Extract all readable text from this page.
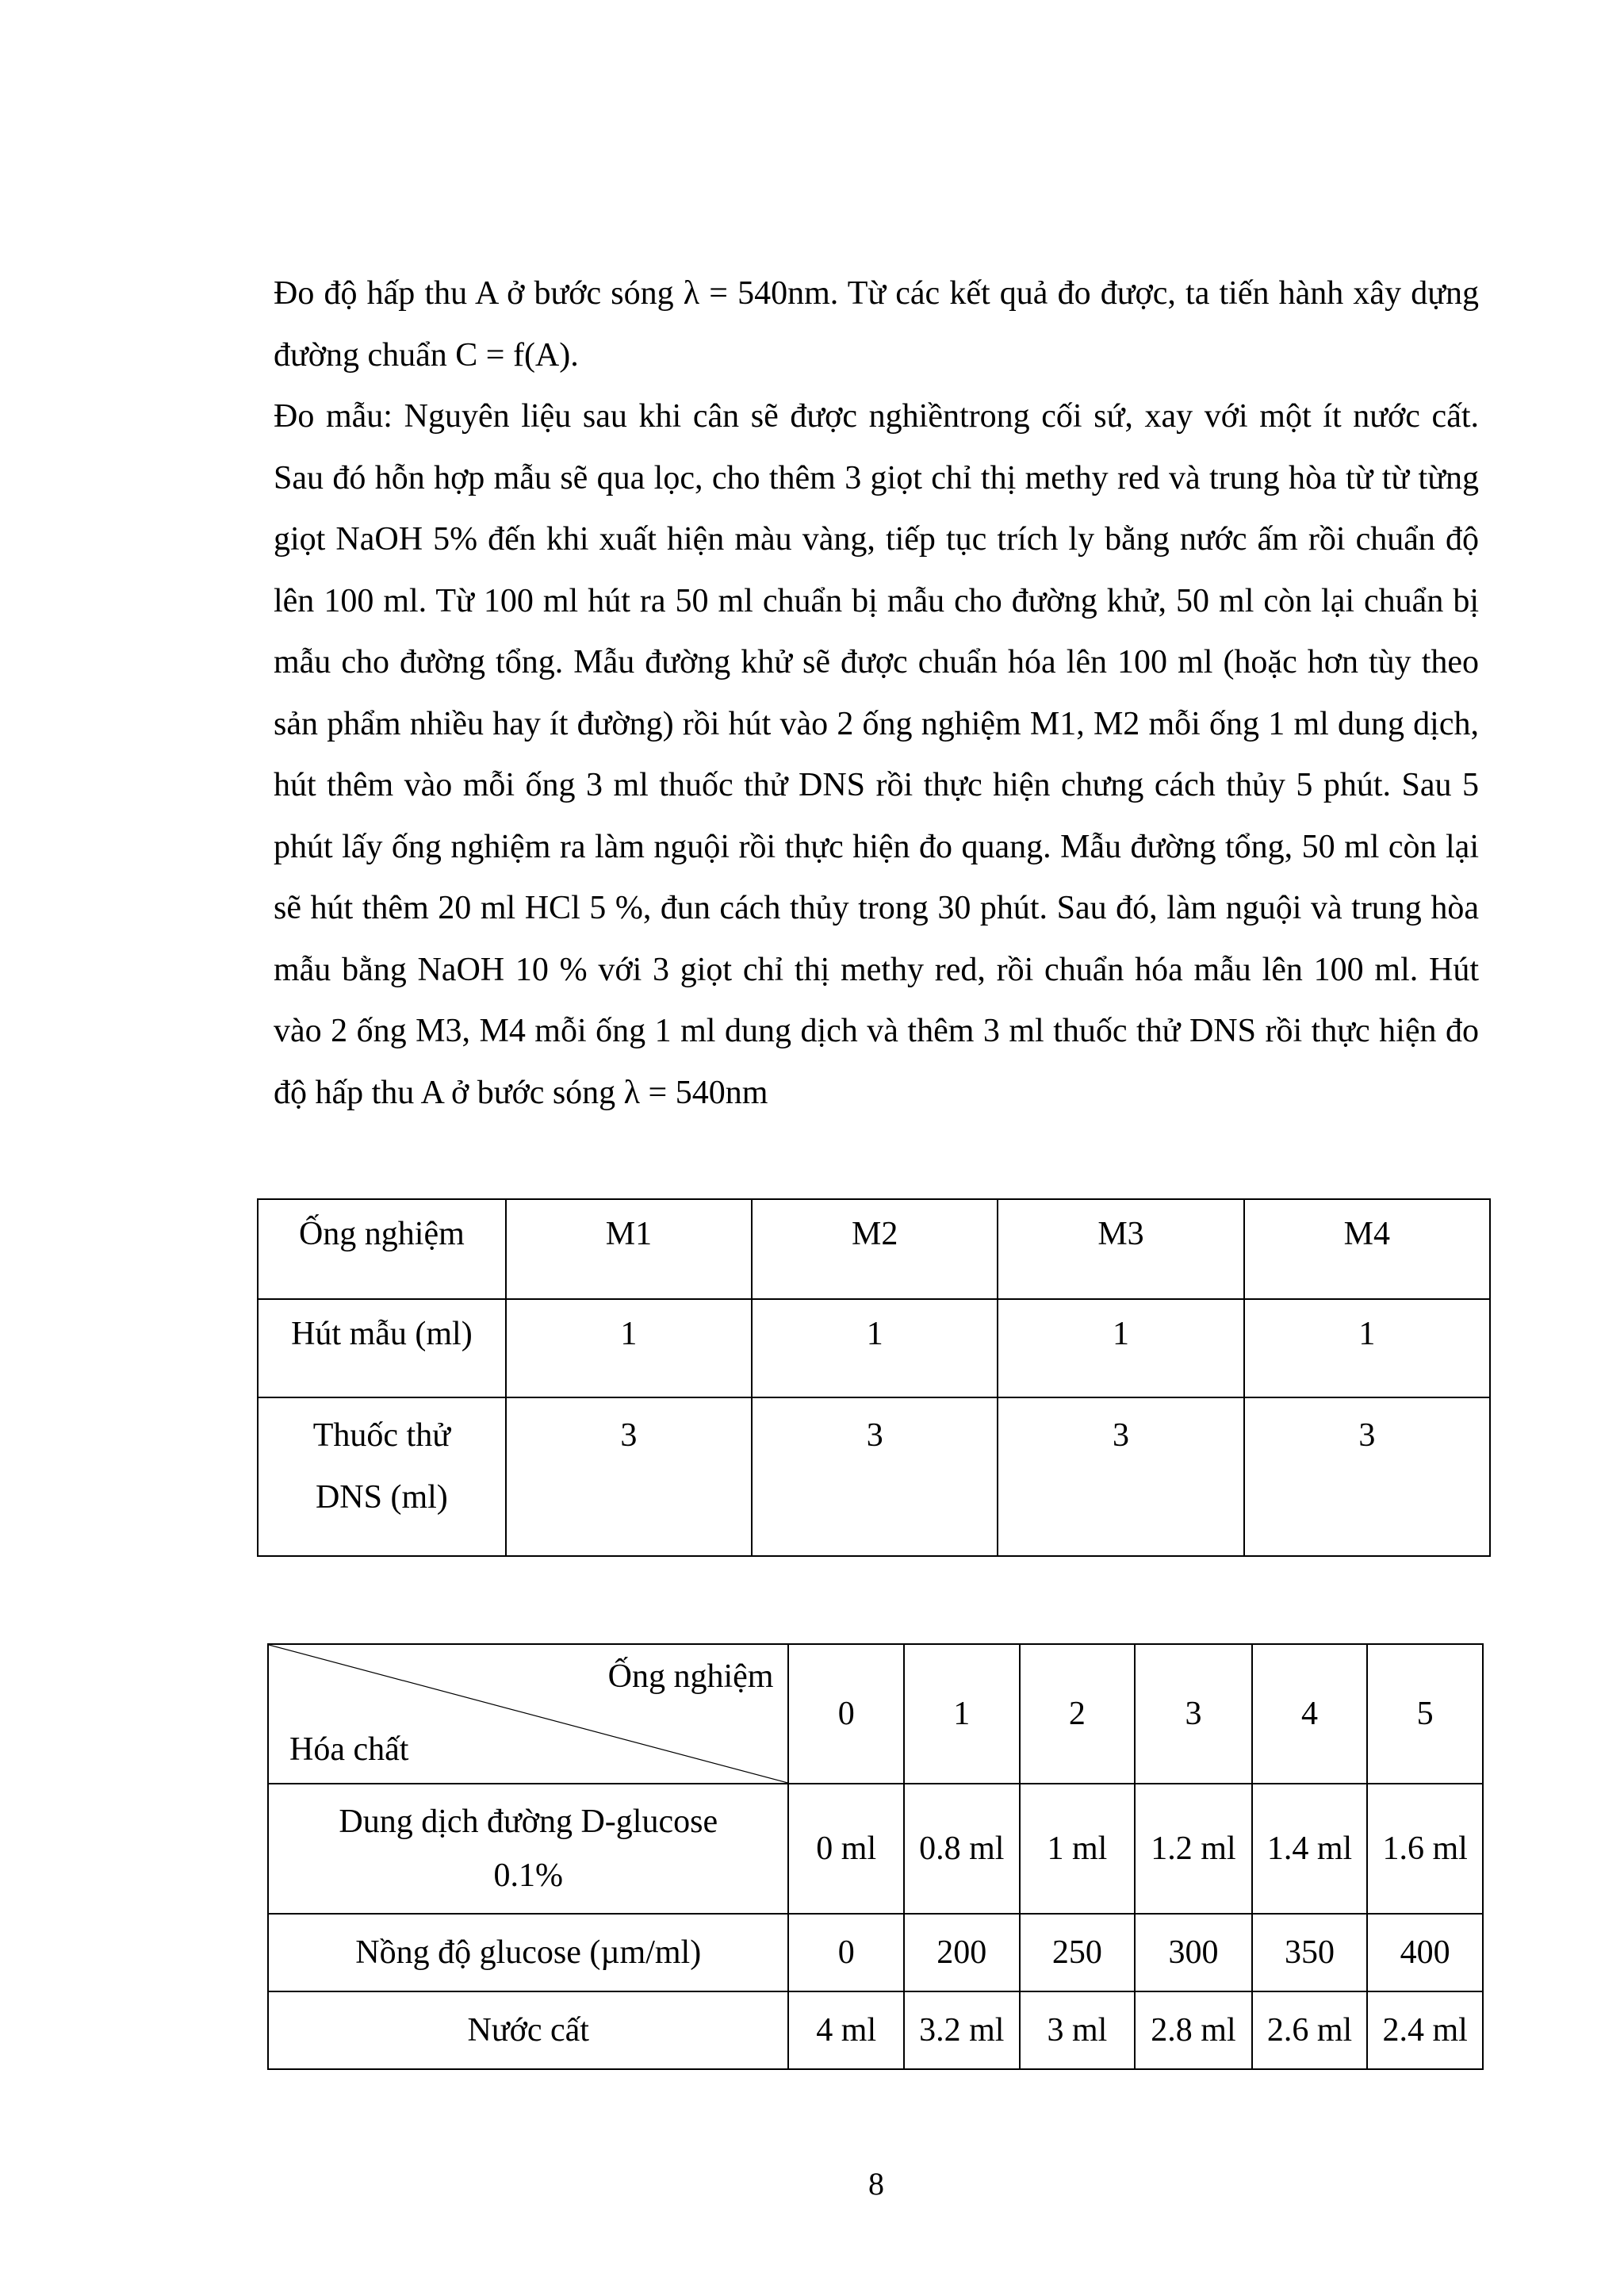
Đo độ hấp thu A ở bước sóng λ = 540nm. Từ các kết quả đo được, ta tiến hành xây dựng đường chuẩn C = f(A).

Đo mẫu: Nguyên liệu sau khi cân sẽ được nghiềntrong cối sứ, xay với một ít nước cất. Sau đó hỗn hợp mẫu sẽ qua lọc, cho thêm 3 giọt chỉ thị methy red và trung hòa từ từ từng giọt NaOH 5% đến khi xuất hiện màu vàng, tiếp tục trích ly bằng nước ấm rồi chuẩn độ lên 100 ml. Từ 100 ml hút ra 50 ml chuẩn bị mẫu cho đường khử, 50 ml còn lại chuẩn bị mẫu cho đường tổng. Mẫu đường khử sẽ được chuẩn hóa lên 100 ml (hoặc hơn tùy theo sản phẩm nhiều hay ít đường) rồi hút vào 2 ống nghiệm M1, M2 mỗi ống 1 ml dung dịch, hút thêm vào mỗi ống 3 ml thuốc thử DNS rồi thực hiện chưng cách thủy 5 phút. Sau 5 phút lấy ống nghiệm ra làm nguội rồi thực hiện đo quang. Mẫu đường tổng, 50 ml còn lại sẽ hút thêm 20 ml HCl 5 %, đun cách thủy trong 30 phút. Sau đó, làm nguội và trung hòa mẫu bằng NaOH 10 % với 3 giọt chỉ thị methy red, rồi chuẩn hóa mẫu lên 100 ml. Hút vào 2 ống M3, M4 mỗi ống 1 ml dung dịch và thêm 3 ml thuốc thử DNS rồi thực hiện đo độ hấp thu A ở bước sóng λ = 540nm

Ống nghiệm	M1	M2	M3	M4
Hút mẫu (ml)	1	1	1	1

Thuốc thử
DNS (ml)	3	3	3	3
Ống nghiệm
Hóa chất	0	1	2	3	4	5

Dung dịch đường D-glucose
0.1%	0 ml	0.8 ml	1 ml	1.2 ml	1.4 ml	1.6 ml
Nồng độ glucose (µm/ml)	0	200	250	300	350	400
Nước cất	4 ml	3.2 ml	3 ml	2.8 ml	2.6 ml	2.4 ml
8
